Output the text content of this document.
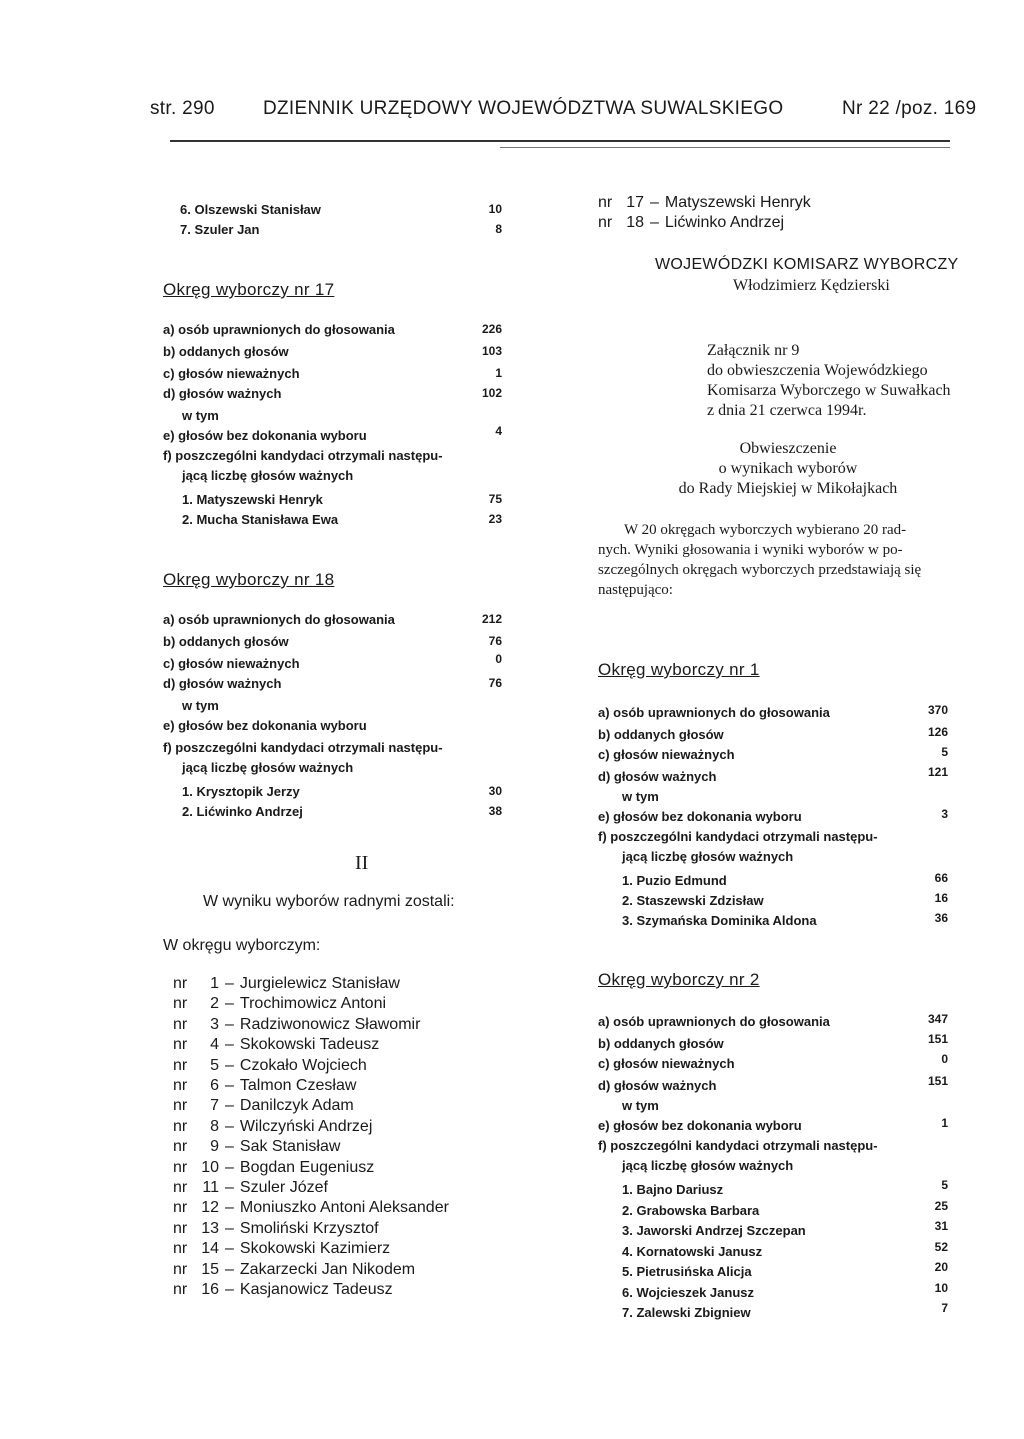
str. 290	DZIENNIK URZĘDOWY WOJEWÓDZTWA SUWALSKIEGO	Nr 22 /poz. 169
6. Olszewski Stanisław	10
7. Szuler Jan	8
Okręg wyborczy nr 17
a) osób uprawnionych do głosowania	226
b) oddanych głosów	103
c) głosów nieważnych	1
d) głosów ważnych	102
w tym
e) głosów bez dokonania wyboru	4
f) poszczególni kandydaci otrzymali następu-
jącą liczbę głosów ważnych
1. Matyszewski Henryk	75
2. Mucha Stanisława Ewa	23
Okręg wyborczy nr 18
a) osób uprawnionych do głosowania	212
b) oddanych głosów	76
c) głosów nieważnych	0
d) głosów ważnych	76
w tym
e) głosów bez dokonania wyboru
f) poszczególni kandydaci otrzymali następu-
jącą liczbę głosów ważnych
1. Krysztopik Jerzy	30
2. Lićwinko Andrzej	38
II
W wyniku wyborów radnymi zostali:
W okręgu wyborczym:
nr 1 – Jurgielewicz Stanisław
nr 2 – Trochimowicz Antoni
nr 3 – Radziwonowicz Sławomir
nr 4 – Skokowski Tadeusz
nr 5 – Czokało Wojciech
nr 6 – Talmon Czesław
nr 7 – Danilczyk Adam
nr 8 – Wilczyński Andrzej
nr 9 – Sak Stanisław
nr 10 – Bogdan Eugeniusz
nr 11 – Szuler Józef
nr 12 – Moniuszko Antoni Aleksander
nr 13 – Smoliński Krzysztof
nr 14 – Skokowski Kazimierz
nr 15 – Zakarzecki Jan Nikodem
nr 16 – Kasjanowicz Tadeusz
nr 17 – Matyszewski Henryk
nr 18 – Lićwinko Andrzej
WOJEWÓDZKI KOMISARZ WYBORCZY
Włodzimierz Kędzierski
Załącznik nr 9
do obwieszczenia Wojewódzkiego
Komisarza Wyborczego w Suwałkach
z dnia 21 czerwca 1994r.
Obwieszczenie
o wynikach wyborów
do Rady Miejskiej w Mikołajkach
W 20 okręgach wyborczych wybierano 20 rad-
nych. Wyniki głosowania i wyniki wyborów w po-
szczególnych okręgach wyborczych przedstawiają się
następująco:
Okręg wyborczy nr 1
a) osób uprawnionych do głosowania	370
b) oddanych głosów	126
c) głosów nieważnych	5
d) głosów ważnych	121
w tym
e) głosów bez dokonania wyboru	3
f) poszczególni kandydaci otrzymali następu-
jącą liczbę głosów ważnych
1. Puzio Edmund	66
2. Staszewski Zdzisław	16
3. Szymańska Dominika Aldona	36
Okręg wyborczy nr 2
a) osób uprawnionych do głosowania	347
b) oddanych głosów	151
c) głosów nieważnych	0
d) głosów ważnych	151
w tym
e) głosów bez dokonania wyboru	1
f) poszczególni kandydaci otrzymali następu-
jącą liczbę głosów ważnych
1. Bajno Dariusz	5
2. Grabowska Barbara	25
3. Jaworski Andrzej Szczepan	31
4. Kornatowski Janusz	52
5. Pietrusińska Alicja	20
6. Wojcieszek Janusz	10
7. Zalewski Zbigniew	7
